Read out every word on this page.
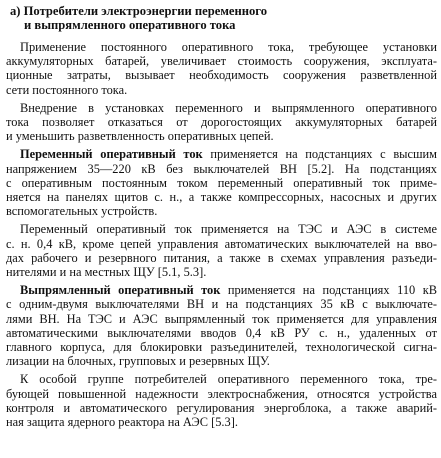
а) Потребители электроэнергии переменного
и выпрямленного оперативного тока
Применение постоянного оперативного тока, требующее установки
аккумуляторных батарей, увеличивает стоимость сооружения, эксплуата-
ционные затраты, вызывает необходимость сооружения разветвленной
сети постоянного тока.
Внедрение в установках переменного и выпрямленного оперативного
тока позволяет отказаться от дорогостоящих аккумуляторных батарей
и уменьшить разветвленность оперативных цепей.
Переменный оперативный ток применяется на подстанциях с высшим
напряжением 35—220 кВ без выключателей ВН [5.2]. На подстанциях
с оперативным постоянным током переменный оперативный ток приме-
няется на панелях щитов с. н., а также компрессорных, насосных и других
вспомогательных устройств.
Переменный оперативный ток применяется на ТЭС и АЭС в системе
с. н. 0,4 кВ, кроме цепей управления автоматических выключателей на вво-
дах рабочего и резервного питания, а также в схемах управления разъеди-
нителями и на местных ЩУ [5.1, 5.3].
Выпрямленный оперативный ток применяется на подстанциях 110 кВ
с одним-двумя выключателями ВН и на подстанциях 35 кВ с выключате-
лями ВН. На ТЭС и АЭС выпрямленный ток применяется для управления
автоматическими выключателями вводов 0,4 кВ РУ с. н., удаленных от
главного корпуса, для блокировки разъединителей, технологической сигна-
лизации на блочных, групповых и резервных ЩУ.
К особой группе потребителей оперативного переменного тока, тре-
бующей повышенной надежности электроснабжения, относятся устройства
контроля и автоматического регулирования энергоблока, а также аварий-
ная защита ядерного реактора на АЭС [5.3].
